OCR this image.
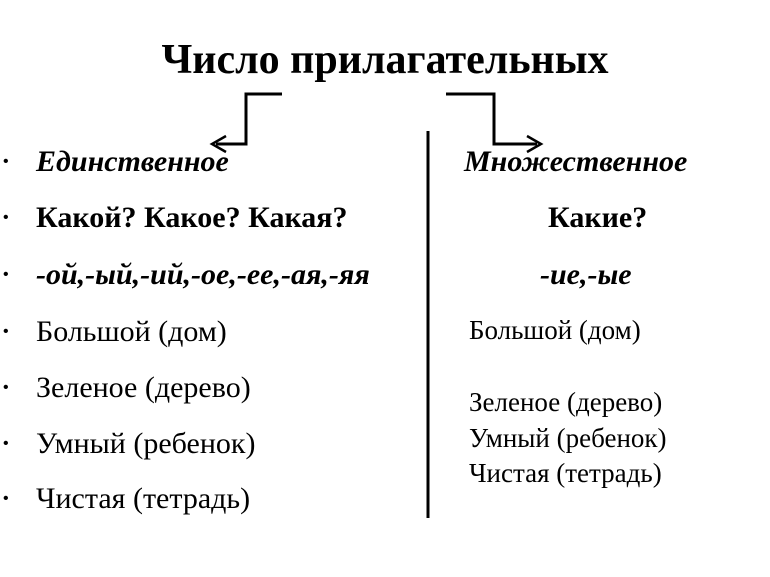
Число прилагательных
• Единственное
• Какой? Какое? Какая?
• -ой,-ый,-ий,-ое,-ее,-ая,-яя
• Большой (дом)
• Зеленое (дерево)
• Умный (ребенок)
• Чистая (тетрадь)
Множественное
Какие?
-ие,-ые
Большой (дом)
Зеленое (дерево)
Умный (ребенок)
Чистая (тетрадь)
